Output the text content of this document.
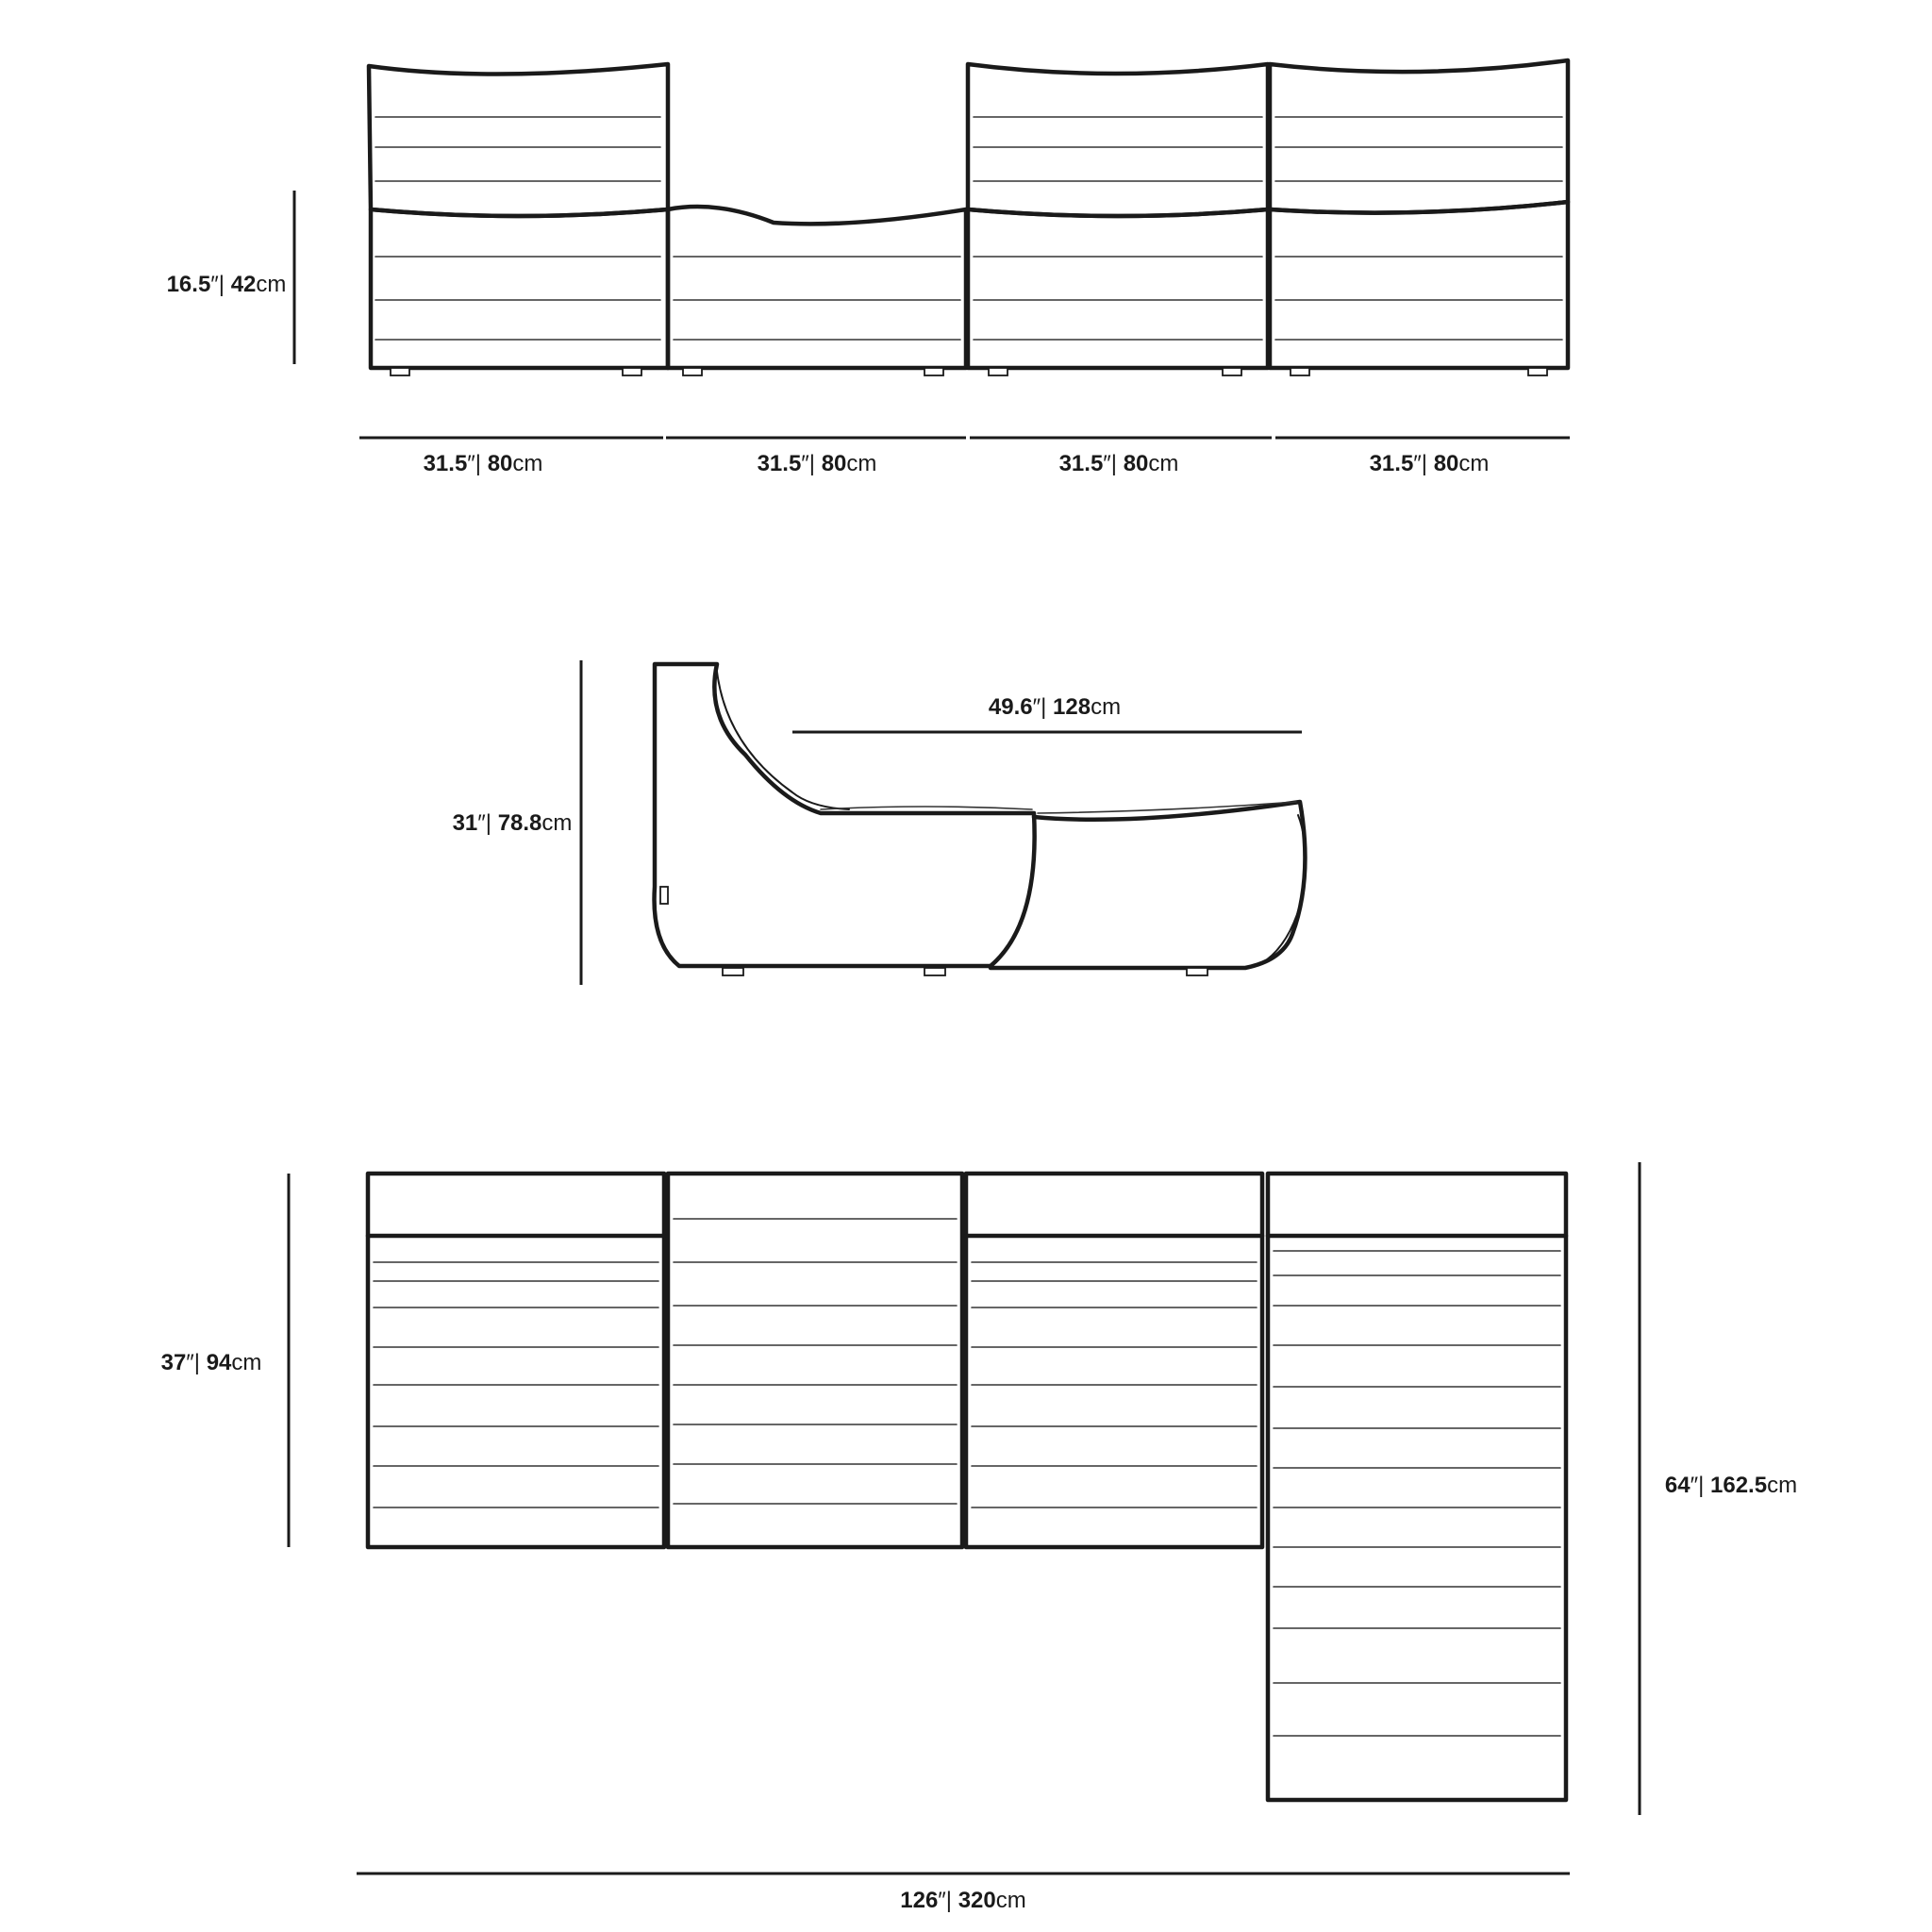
16.5″| 42cm
31.5″| 80cm	31.5″| 80cm	31.5″| 80cm	31.5″| 80cm
31″| 78.8cm
49.6″| 128cm
37″| 94cm
64″| 162.5cm
126″| 320cm
